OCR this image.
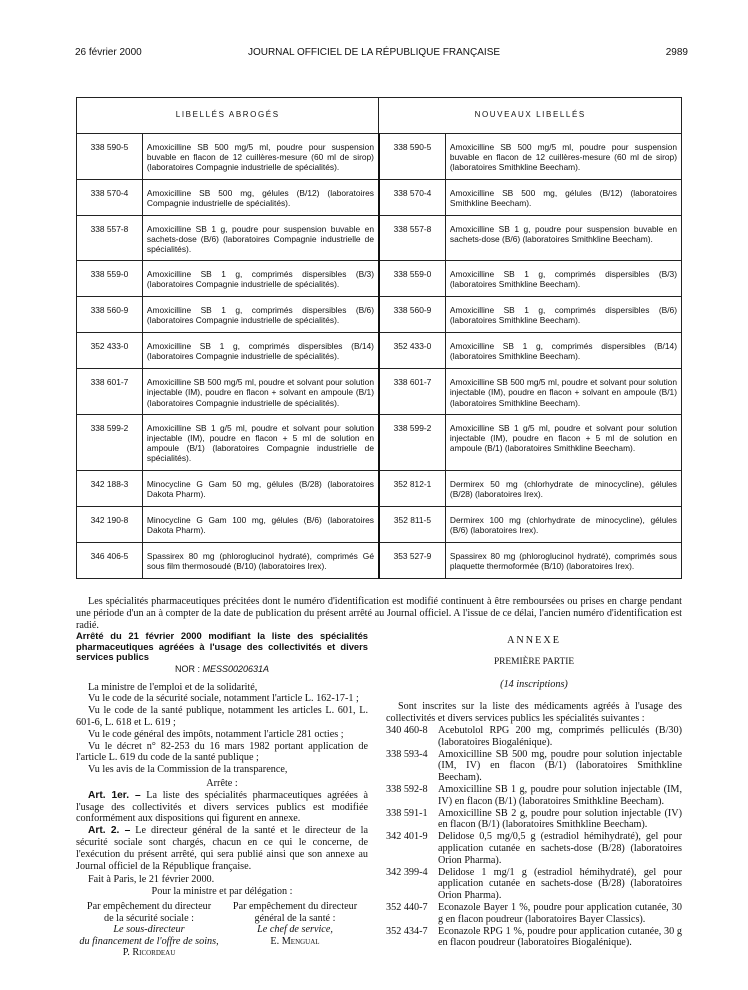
26 février 2000	JOURNAL OFFICIEL DE LA RÉPUBLIQUE FRANÇAISE	2989
LIBELLÉS ABROGÉS		NOUVEAUX LIBELLÉS	
338 590-5	Amoxicilline SB 500 mg/5 ml, poudre pour suspension buvable en flacon de 12 cuillères-mesure (60 ml de sirop) (laboratoires Compagnie industrielle de spécialités).	338 590-5	Amoxicilline SB 500 mg/5 ml, poudre pour suspension buvable en flacon de 12 cuillères-mesure (60 ml de sirop) (laboratoires Smithkline Beecham).
338 570-4	Amoxicilline SB 500 mg, gélules (B/12) (laboratoires Compagnie industrielle de spécialités).	338 570-4	Amoxicilline SB 500 mg, gélules (B/12) (laboratoires Smithkline Beecham).
338 557-8	Amoxicilline SB 1 g, poudre pour suspension buvable en sachets-dose (B/6) (laboratoires Compagnie industrielle de spécialités).	338 557-8	Amoxicilline SB 1 g, poudre pour suspension buvable en sachets-dose (B/6) (laboratoires Smithkline Beecham).
338 559-0	Amoxicilline SB 1 g, comprimés dispersibles (B/3) (laboratoires Compagnie industrielle de spécialités).	338 559-0	Amoxicilline SB 1 g, comprimés dispersibles (B/3) (laboratoires Smithkline Beecham).
338 560-9	Amoxicilline SB 1 g, comprimés dispersibles (B/6) (laboratoires Compagnie industrielle de spécialités).	338 560-9	Amoxicilline SB 1 g, comprimés dispersibles (B/6) (laboratoires Smithkline Beecham).
352 433-0	Amoxicilline SB 1 g, comprimés dispersibles (B/14) (laboratoires Compagnie industrielle de spécialités).	352 433-0	Amoxicilline SB 1 g, comprimés dispersibles (B/14) (laboratoires Smithkline Beecham).
338 601-7	Amoxicilline SB 500 mg/5 ml, poudre et solvant pour solution injectable (IM), poudre en flacon + solvant en ampoule (B/1) (laboratoires Compagnie industrielle de spécialités).	338 601-7	Amoxicilline SB 500 mg/5 ml, poudre et solvant pour solution injectable (IM), poudre en flacon + solvant en ampoule (B/1) (laboratoires Smithkline Beecham).
338 599-2	Amoxicilline SB 1 g/5 ml, poudre et solvant pour solution injectable (IM), poudre en flacon + 5 ml de solution en ampoule (B/1) (laboratoires Compagnie industrielle de spécialités).	338 599-2	Amoxicilline SB 1 g/5 ml, poudre et solvant pour solution injectable (IM), poudre en flacon + 5 ml de solution en ampoule (B/1) (laboratoires Smithkline Beecham).
342 188-3	Minocycline G Gam 50 mg, gélules (B/28) (laboratoires Dakota Pharm).	352 812-1	Dermirex 50 mg (chlorhydrate de minocycline), gélules (B/28) (laboratoires Irex).
342 190-8	Minocycline G Gam 100 mg, gélules (B/6) (laboratoires Dakota Pharm).	352 811-5	Dermirex 100 mg (chlorhydrate de minocycline), gélules (B/6) (laboratoires Irex).
346 406-5	Spassirex 80 mg (phloroglucinol hydraté), comprimés Gé sous film thermosoudé (B/10) (laboratoires Irex).	353 527-9	Spassirex 80 mg (phloroglucinol hydraté), comprimés sous plaquette thermoformée (B/10) (laboratoires Irex).

Les spécialités pharmaceutiques précitées dont le numéro d'identification est modifié continuent à être remboursées ou prises en charge pendant une période d'un an à compter de la date de publication du présent arrêté au Journal officiel. A l'issue de ce délai, l'ancien numéro d'identification est radié.

Arrêté du 21 février 2000 modifiant la liste des spécialités pharmaceutiques agréées à l'usage des collectivités et divers services publics
NOR : MESS0020631A

La ministre de l'emploi et de la solidarité,

Vu le code de la sécurité sociale, notamment l'article L. 162-17-1 ;

Vu le code de la santé publique, notamment les articles L. 601, L. 601-6, L. 618 et L. 619 ;

Vu le code général des impôts, notamment l'article 281 octies ;

Vu le décret n° 82-253 du 16 mars 1982 portant application de l'article L. 619 du code de la santé publique ;

Vu les avis de la Commission de la transparence,

Arrête :

Art. 1er. – La liste des spécialités pharmaceutiques agréées à l'usage des collectivités et divers services publics est modifiée conformément aux dispositions qui figurent en annexe.

Art. 2. – Le directeur général de la santé et le directeur de la sécurité sociale sont chargés, chacun en ce qui le concerne, de l'exécution du présent arrêté, qui sera publié ainsi que son annexe au Journal officiel de la République française.

Fait à Paris, le 21 février 2000.

Pour la ministre et par délégation :

Par empêchement du directeur
de la sécurité sociale :
Le sous-directeur
du financement de l'offre de soins,
P. Ricordeau
Par empêchement du directeur
général de la santé :
Le chef de service,
E. Mengual
ANNEXE
PREMIÈRE PARTIE
(14 inscriptions)

Sont inscrites sur la liste des médicaments agréés à l'usage des collectivités et divers services publics les spécialités suivantes :

340 460-8	Acebutolol RPG 200 mg, comprimés pelliculés (B/30) (laboratoires Biogalénique).
338 593-4	Amoxicilline SB 500 mg, poudre pour solution injectable (IM, IV) en flacon (B/1) (laboratoires Smithkline Beecham).
338 592-8	Amoxicilline SB 1 g, poudre pour solution injectable (IM, IV) en flacon (B/1) (laboratoires Smithkline Beecham).
338 591-1	Amoxicilline SB 2 g, poudre pour solution injectable (IV) en flacon (B/1) (laboratoires Smithkline Beecham).
342 401-9	Delidose 0,5 mg/0,5 g (estradiol hémihydraté), gel pour application cutanée en sachets-dose (B/28) (laboratoires Orion Pharma).
342 399-4	Delidose 1 mg/1 g (estradiol hémihydraté), gel pour application cutanée en sachets-dose (B/28) (laboratoires Orion Pharma).
352 440-7	Econazole Bayer 1 %, poudre pour application cutanée, 30 g en flacon poudreur (laboratoires Bayer Classics).
352 434-7	Econazole RPG 1 %, poudre pour application cutanée, 30 g en flacon poudreur (laboratoires Biogalénique).
